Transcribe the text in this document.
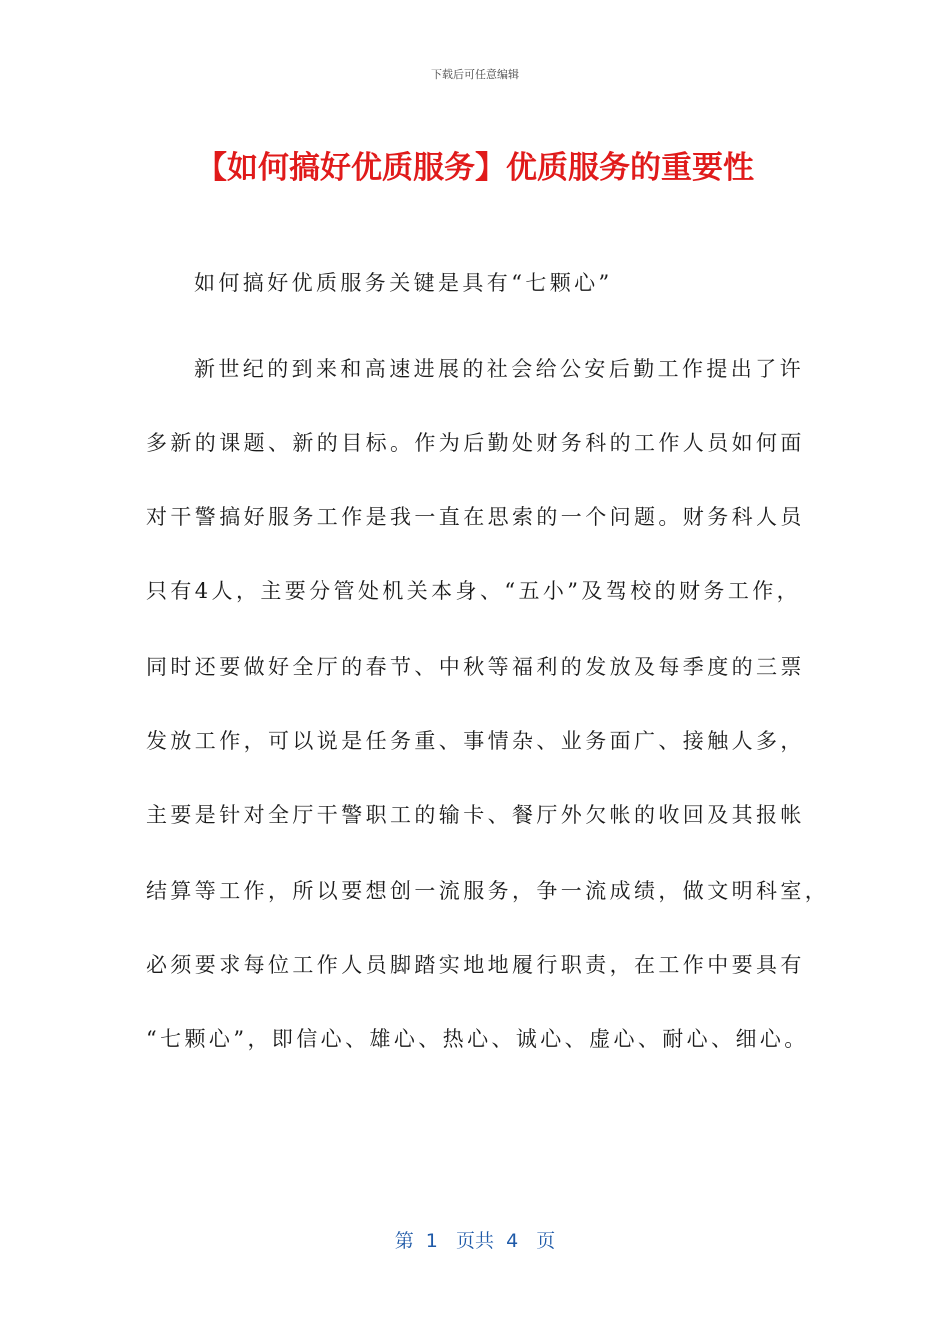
下载后可任意编辑
【如何搞好优质服务】优质服务的重要性
如何搞好优质服务关键是具有“七颗心”
新世纪的到来和高速进展的社会给公安后勤工作提出了许
多新的课题、新的目标。作为后勤处财务科的工作人员如何面
对干警搞好服务工作是我一直在思索的一个问题。财务科人员
只有4人，主要分管处机关本身、“五小”及驾校的财务工作，
同时还要做好全厅的春节、中秋等福利的发放及每季度的三票
发放工作，可以说是任务重、事情杂、业务面广、接触人多，
主要是针对全厅干警职工的输卡、餐厅外欠帐的收回及其报帐
结算等工作，所以要想创一流服务，争一流成绩，做文明科室，
必须要求每位工作人员脚踏实地地履行职责，在工作中要具有
“七颗心”，即信心、雄心、热心、诚心、虚心、耐心、细心。
第  1   页共  4   页
